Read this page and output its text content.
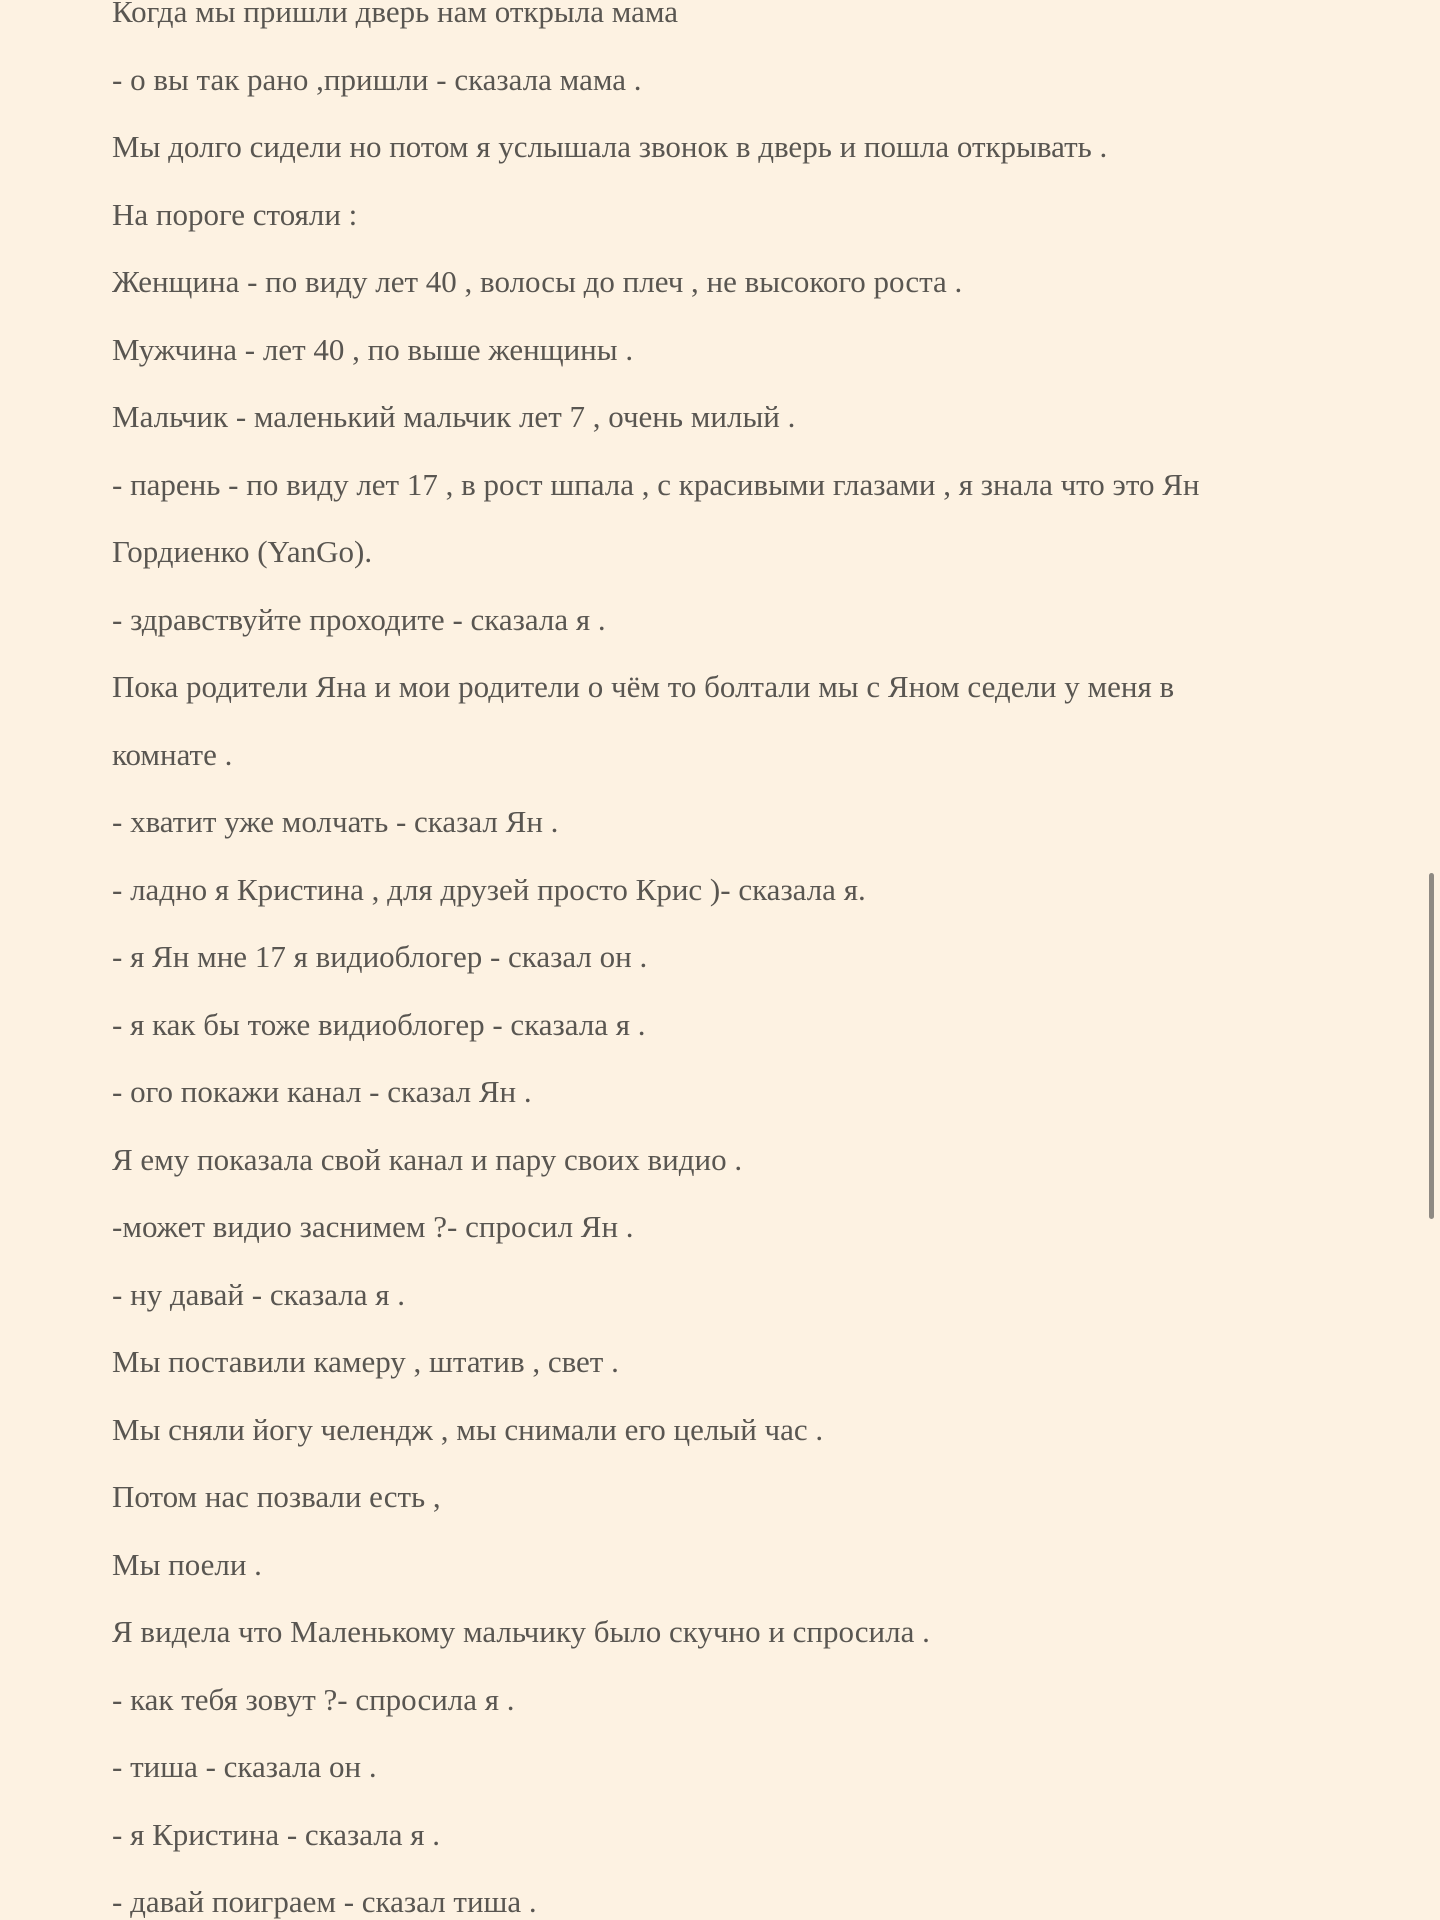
Когда мы пришли дверь нам открыла мама

- о вы так рано ,пришли - сказала мама .

Мы долго сидели но потом я услышала звонок в дверь и пошла открывать .

На пороге стояли :

Женщина - по виду лет 40 , волосы до плеч , не высокого роста .

Мужчина - лет 40 , по выше женщины .

Мальчик - маленький мальчик лет 7 , очень милый .

- парень - по виду лет 17 , в рост шпала , с красивыми глазами , я знала что это Ян

Гордиенко (YanGo).

- здравствуйте проходите - сказала я .

Пока родители Яна и мои родители о чём то болтали мы с Яном седели у меня в

комнате .

- хватит уже молчать - сказал Ян .

- ладно я Кристина , для друзей просто Крис )- сказала я.

- я Ян мне 17 я видиоблогер - сказал он .

- я как бы тоже видиоблогер - сказала я .

- ого покажи канал - сказал Ян .

Я ему показала свой канал и пару своих видио .

-может видио заснимем ?- спросил Ян .

- ну давай - сказала я .

Мы поставили камеру , штатив , свет .

Мы сняли йогу челендж , мы снимали его целый час .

Потом нас позвали есть ,

Мы поели .

Я видела что Маленькому мальчику было скучно и спросила .

- как тебя зовут ?- спросила я .

- тиша - сказала он .

- я Кристина - сказала я .

- давай поиграем - сказал тиша .
